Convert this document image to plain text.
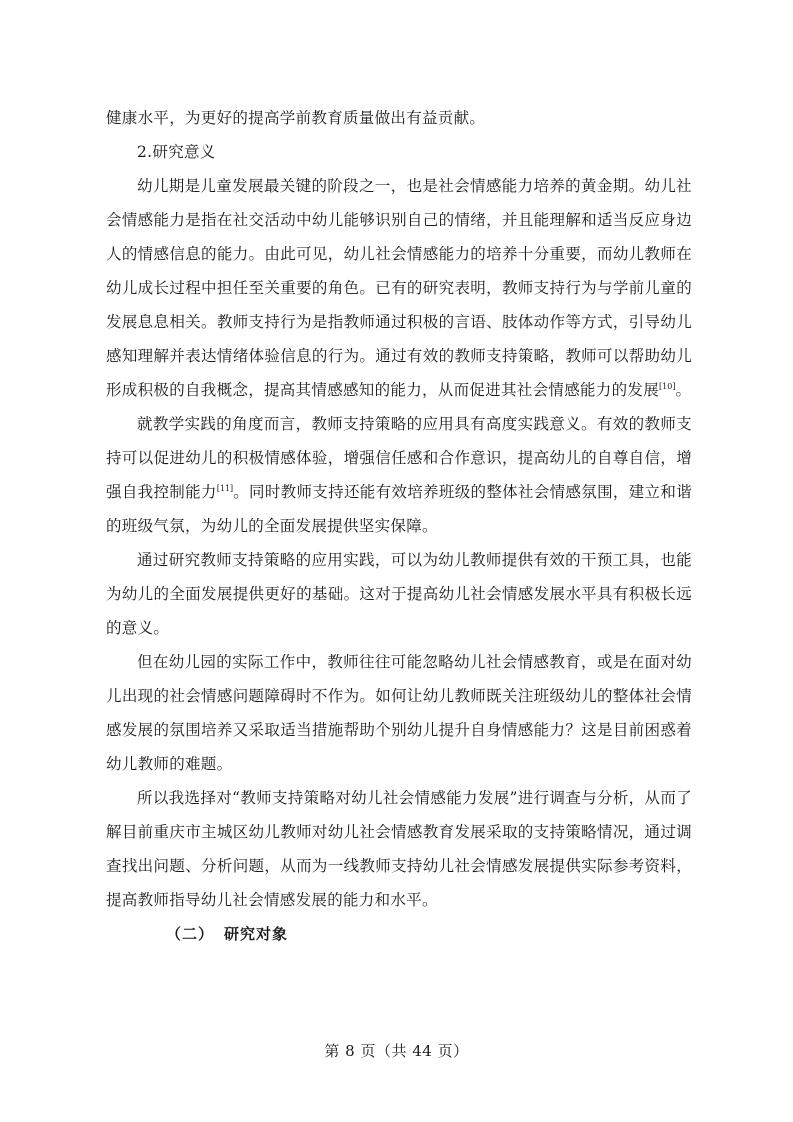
健康水平，为更好的提高学前教育质量做出有益贡献。

2.研究意义

幼儿期是儿童发展最关键的阶段之一，也是社会情感能力培养的黄金期。幼儿社会情感能力是指在社交活动中幼儿能够识别自己的情绪，并且能理解和适当反应身边人的情感信息的能力。由此可见，幼儿社会情感能力的培养十分重要，而幼儿教师在幼儿成长过程中担任至关重要的角色。已有的研究表明，教师支持行为与学前儿童的发展息息相关。教师支持行为是指教师通过积极的言语、肢体动作等方式，引导幼儿感知理解并表达情绪体验信息的行为。通过有效的教师支持策略，教师可以帮助幼儿形成积极的自我概念，提高其情感感知的能力，从而促进其社会情感能力的发展[10]。

就教学实践的角度而言，教师支持策略的应用具有高度实践意义。有效的教师支持可以促进幼儿的积极情感体验，增强信任感和合作意识，提高幼儿的自尊自信，增强自我控制能力[11]。同时教师支持还能有效培养班级的整体社会情感氛围，建立和谐的班级气氛，为幼儿的全面发展提供坚实保障。

通过研究教师支持策略的应用实践，可以为幼儿教师提供有效的干预工具，也能为幼儿的全面发展提供更好的基础。这对于提高幼儿社会情感发展水平具有积极长远的意义。

但在幼儿园的实际工作中，教师往往可能忽略幼儿社会情感教育，或是在面对幼儿出现的社会情感问题障碍时不作为。如何让幼儿教师既关注班级幼儿的整体社会情感发展的氛围培养又采取适当措施帮助个别幼儿提升自身情感能力？这是目前困惑着幼儿教师的难题。

所以我选择对“教师支持策略对幼儿社会情感能力发展”进行调查与分析，从而了解目前重庆市主城区幼儿教师对幼儿社会情感教育发展采取的支持策略情况，通过调查找出问题、分析问题，从而为一线教师支持幼儿社会情感发展提供实际参考资料，提高教师指导幼儿社会情感发展的能力和水平。

（二） 研究对象

第 8 页（共 44 页）
